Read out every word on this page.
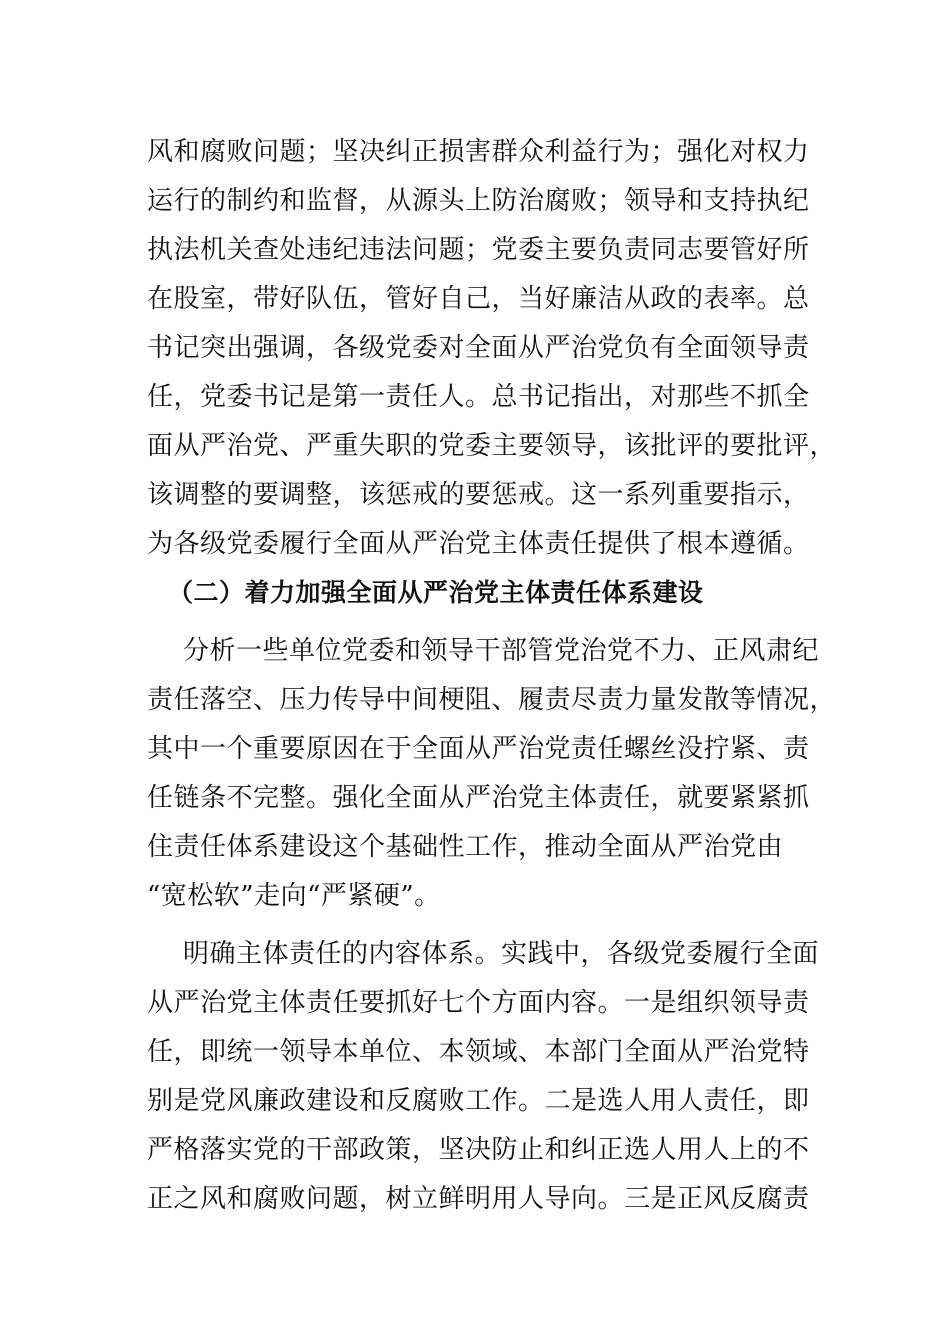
风和腐败问题；坚决纠正损害群众利益行为；强化对权力
运行的制约和监督，从源头上防治腐败；领导和支持执纪
执法机关查处违纪违法问题；党委主要负责同志要管好所
在股室，带好队伍，管好自己，当好廉洁从政的表率。总
书记突出强调，各级党委对全面从严治党负有全面领导责
任，党委书记是第一责任人。总书记指出，对那些不抓全
面从严治党、严重失职的党委主要领导，该批评的要批评，
该调整的要调整，该惩戒的要惩戒。这一系列重要指示，
为各级党委履行全面从严治党主体责任提供了根本遵循。
（二）着力加强全面从严治党主体责任体系建设
分析一些单位党委和领导干部管党治党不力、正风肃纪
责任落空、压力传导中间梗阻、履责尽责力量发散等情况，
其中一个重要原因在于全面从严治党责任螺丝没拧紧、责
任链条不完整。强化全面从严治党主体责任，就要紧紧抓
住责任体系建设这个基础性工作，推动全面从严治党由
“宽松软”走向“严紧硬”。
明确主体责任的内容体系。实践中，各级党委履行全面
从严治党主体责任要抓好七个方面内容。一是组织领导责
任，即统一领导本单位、本领域、本部门全面从严治党特
别是党风廉政建设和反腐败工作。二是选人用人责任，即
严格落实党的干部政策，坚决防止和纠正选人用人上的不
正之风和腐败问题，树立鲜明用人导向。三是正风反腐责
